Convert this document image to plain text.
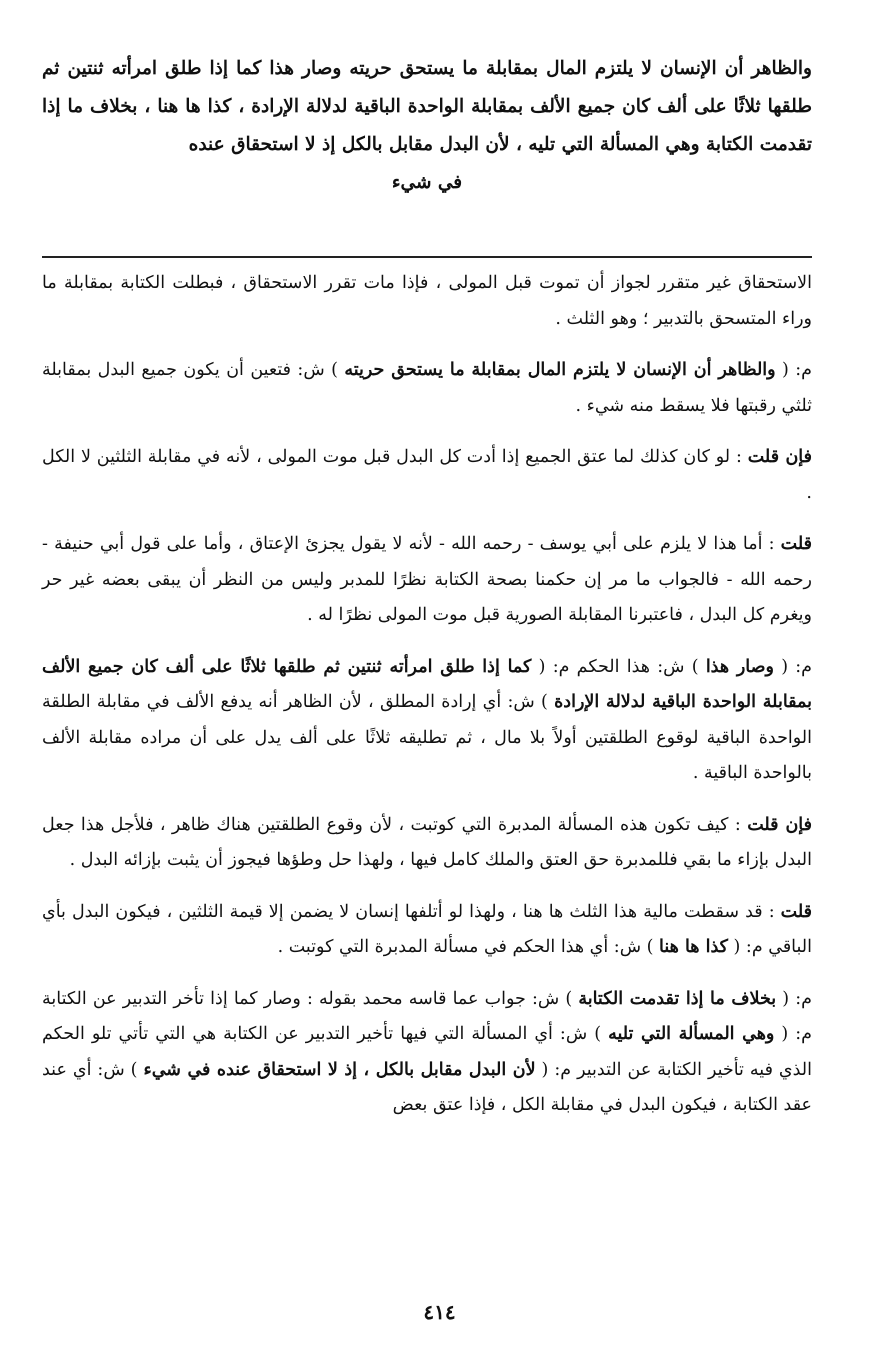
والظاهر أن الإنسان لا يلتزم المال بمقابلة ما يستحق حريته وصار هذا كما إذا طلق امرأته ثنتين ثم طلقها ثلاثًا على ألف كان جميع الألف بمقابلة الواحدة الباقية لدلالة الإرادة ، كذا ها هنا ، بخلاف ما إذا تقدمت الكتابة وهي المسألة التي تليه ، لأن البدل مقابل بالكل إذ لا استحقاق عنده

في شيء

الاستحقاق غير متقرر لجواز أن تموت قبل المولى ، فإذا مات تقرر الاستحقاق ، فبطلت الكتابة بمقابلة ما وراء المتسحق بالتدبير ؛ وهو الثلث .

م: ( والظاهر أن الإنسان لا يلتزم المال بمقابلة ما يستحق حريته ) ش: فتعين أن يكون جميع البدل بمقابلة ثلثي رقبتها فلا يسقط منه شيء .

فإن قلت : لو كان كذلك لما عتق الجميع إذا أدت كل البدل قبل موت المولى ، لأنه في مقابلة الثلثين لا الكل .

قلت : أما هذا لا يلزم على أبي يوسف - رحمه الله - لأنه لا يقول يجزئ الإعتاق ، وأما على قول أبي حنيفة - رحمه الله - فالجواب ما مر إن حكمنا بصحة الكتابة نظرًا للمدبر وليس من النظر أن يبقى بعضه غير حر ويغرم كل البدل ، فاعتبرنا المقابلة الصورية قبل موت المولى نظرًا له .

م: ( وصار هذا ) ش: هذا الحكم م: ( كما إذا طلق امرأته ثنتين ثم طلقها ثلاثًا على ألف كان جميع الألف بمقابلة الواحدة الباقية لدلالة الإرادة ) ش: أي إرادة المطلق ، لأن الظاهر أنه يدفع الألف في مقابلة الطلقة الواحدة الباقية لوقوع الطلقتين أولاً بلا مال ، ثم تطليقه ثلاثًا على ألف يدل على أن مراده مقابلة الألف بالواحدة الباقية .

فإن قلت : كيف تكون هذه المسألة المدبرة التي كوتبت ، لأن وقوع الطلقتين هناك ظاهر ، فلأجل هذا جعل البدل بإزاء ما بقي فللمدبرة حق العتق والملك كامل فيها ، ولهذا حل وطؤها فيجوز أن يثبت بإزائه البدل .

قلت : قد سقطت مالية هذا الثلث ها هنا ، ولهذا لو أتلفها إنسان لا يضمن إلا قيمة الثلثين ، فيكون البدل بأي الباقي م: ( كذا ها هنا ) ش: أي هذا الحكم في مسألة المدبرة التي كوتبت .

م: ( بخلاف ما إذا تقدمت الكتابة ) ش: جواب عما قاسه محمد بقوله : وصار كما إذا تأخر التدبير عن الكتابة م: ( وهي المسألة التي تليه ) ش: أي المسألة التي فيها تأخير التدبير عن الكتابة هي التي تأتي تلو الحكم الذي فيه تأخير الكتابة عن التدبير م: ( لأن البدل مقابل بالكل ، إذ لا استحقاق عنده في شيء ) ش: أي عند عقد الكتابة ، فيكون البدل في مقابلة الكل ، فإذا عتق بعض

٤١٤
